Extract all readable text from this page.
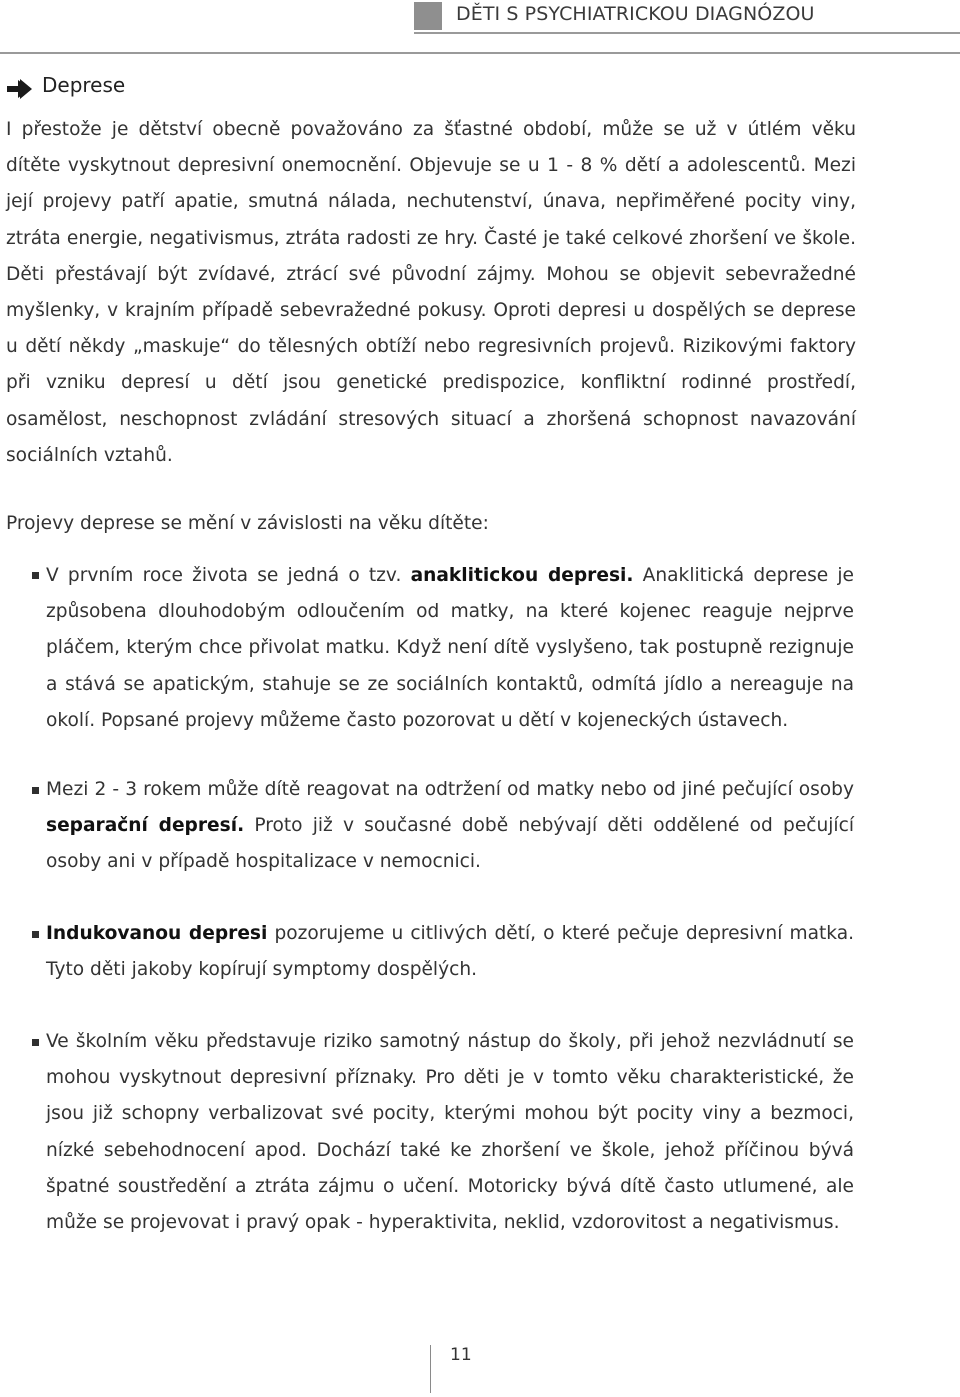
DĚTI S PSYCHIATRICKOU DIAGNÓZOU
Deprese

I přestože je dětství obecně považováno za šťastné období, může se už v útlém věku dítěte vyskytnout depresivní onemocnění. Objevuje se u 1 - 8 % dětí a adolescentů. Mezi její projevy patří apatie, smutná nálada, nechutenství, únava, nepřiměřené pocity viny, ztráta energie, negativismus, ztráta radosti ze hry. Časté je také celkové zhoršení ve škole. Děti přestávají být zvídavé, ztrácí své původní zájmy. Mohou se objevit sebevražedné myšlenky, v krajním případě sebevražedné pokusy. Oproti depresi u dospělých se deprese u dětí někdy „maskuje“ do tělesných obtíží nebo regresivních projevů. Rizikovými faktory při vzniku depresí u dětí jsou genetické predispozice, konfliktní rodinné prostředí, osamělost, neschopnost zvládání stresových situací a zhoršená schopnost navazování sociálních vztahů.

Projevy deprese se mění v závislosti na věku dítěte:

V prvním roce života se jedná o tzv. anaklitickou depresi. Anaklitická deprese je způsobena dlouhodobým odloučením od matky, na které kojenec reaguje nejprve pláčem, kterým chce přivolat matku. Když není dítě vyslyšeno, tak postupně rezignuje a stává se apatickým, stahuje se ze sociálních kontaktů, odmítá jídlo a nereaguje na okolí. Popsané projevy můžeme často pozorovat u dětí v kojeneckých ústavech.
Mezi 2 - 3 rokem může dítě reagovat na odtržení od matky nebo od jiné pečující osoby separační depresí. Proto již v současné době nebývají děti oddělené od pečující osoby ani v případě hospitalizace v nemocnici.
Indukovanou depresi pozorujeme u citlivých dětí, o které pečuje depresivní matka. Tyto děti jakoby kopírují symptomy dospělých.
Ve školním věku představuje riziko samotný nástup do školy, při jehož nezvládnutí se mohou vyskytnout depresivní příznaky. Pro děti je v tomto věku charakteristické, že jsou již schopny verbalizovat své pocity, kterými mohou být pocity viny a bezmoci, nízké sebehodnocení apod. Dochází také ke zhoršení ve škole, jehož příčinou bývá špatné soustředění a ztráta zájmu o učení. Motoricky bývá dítě často utlumené, ale může se projevovat i pravý opak - hyperaktivita, neklid, vzdorovitost a negativismus.
11
